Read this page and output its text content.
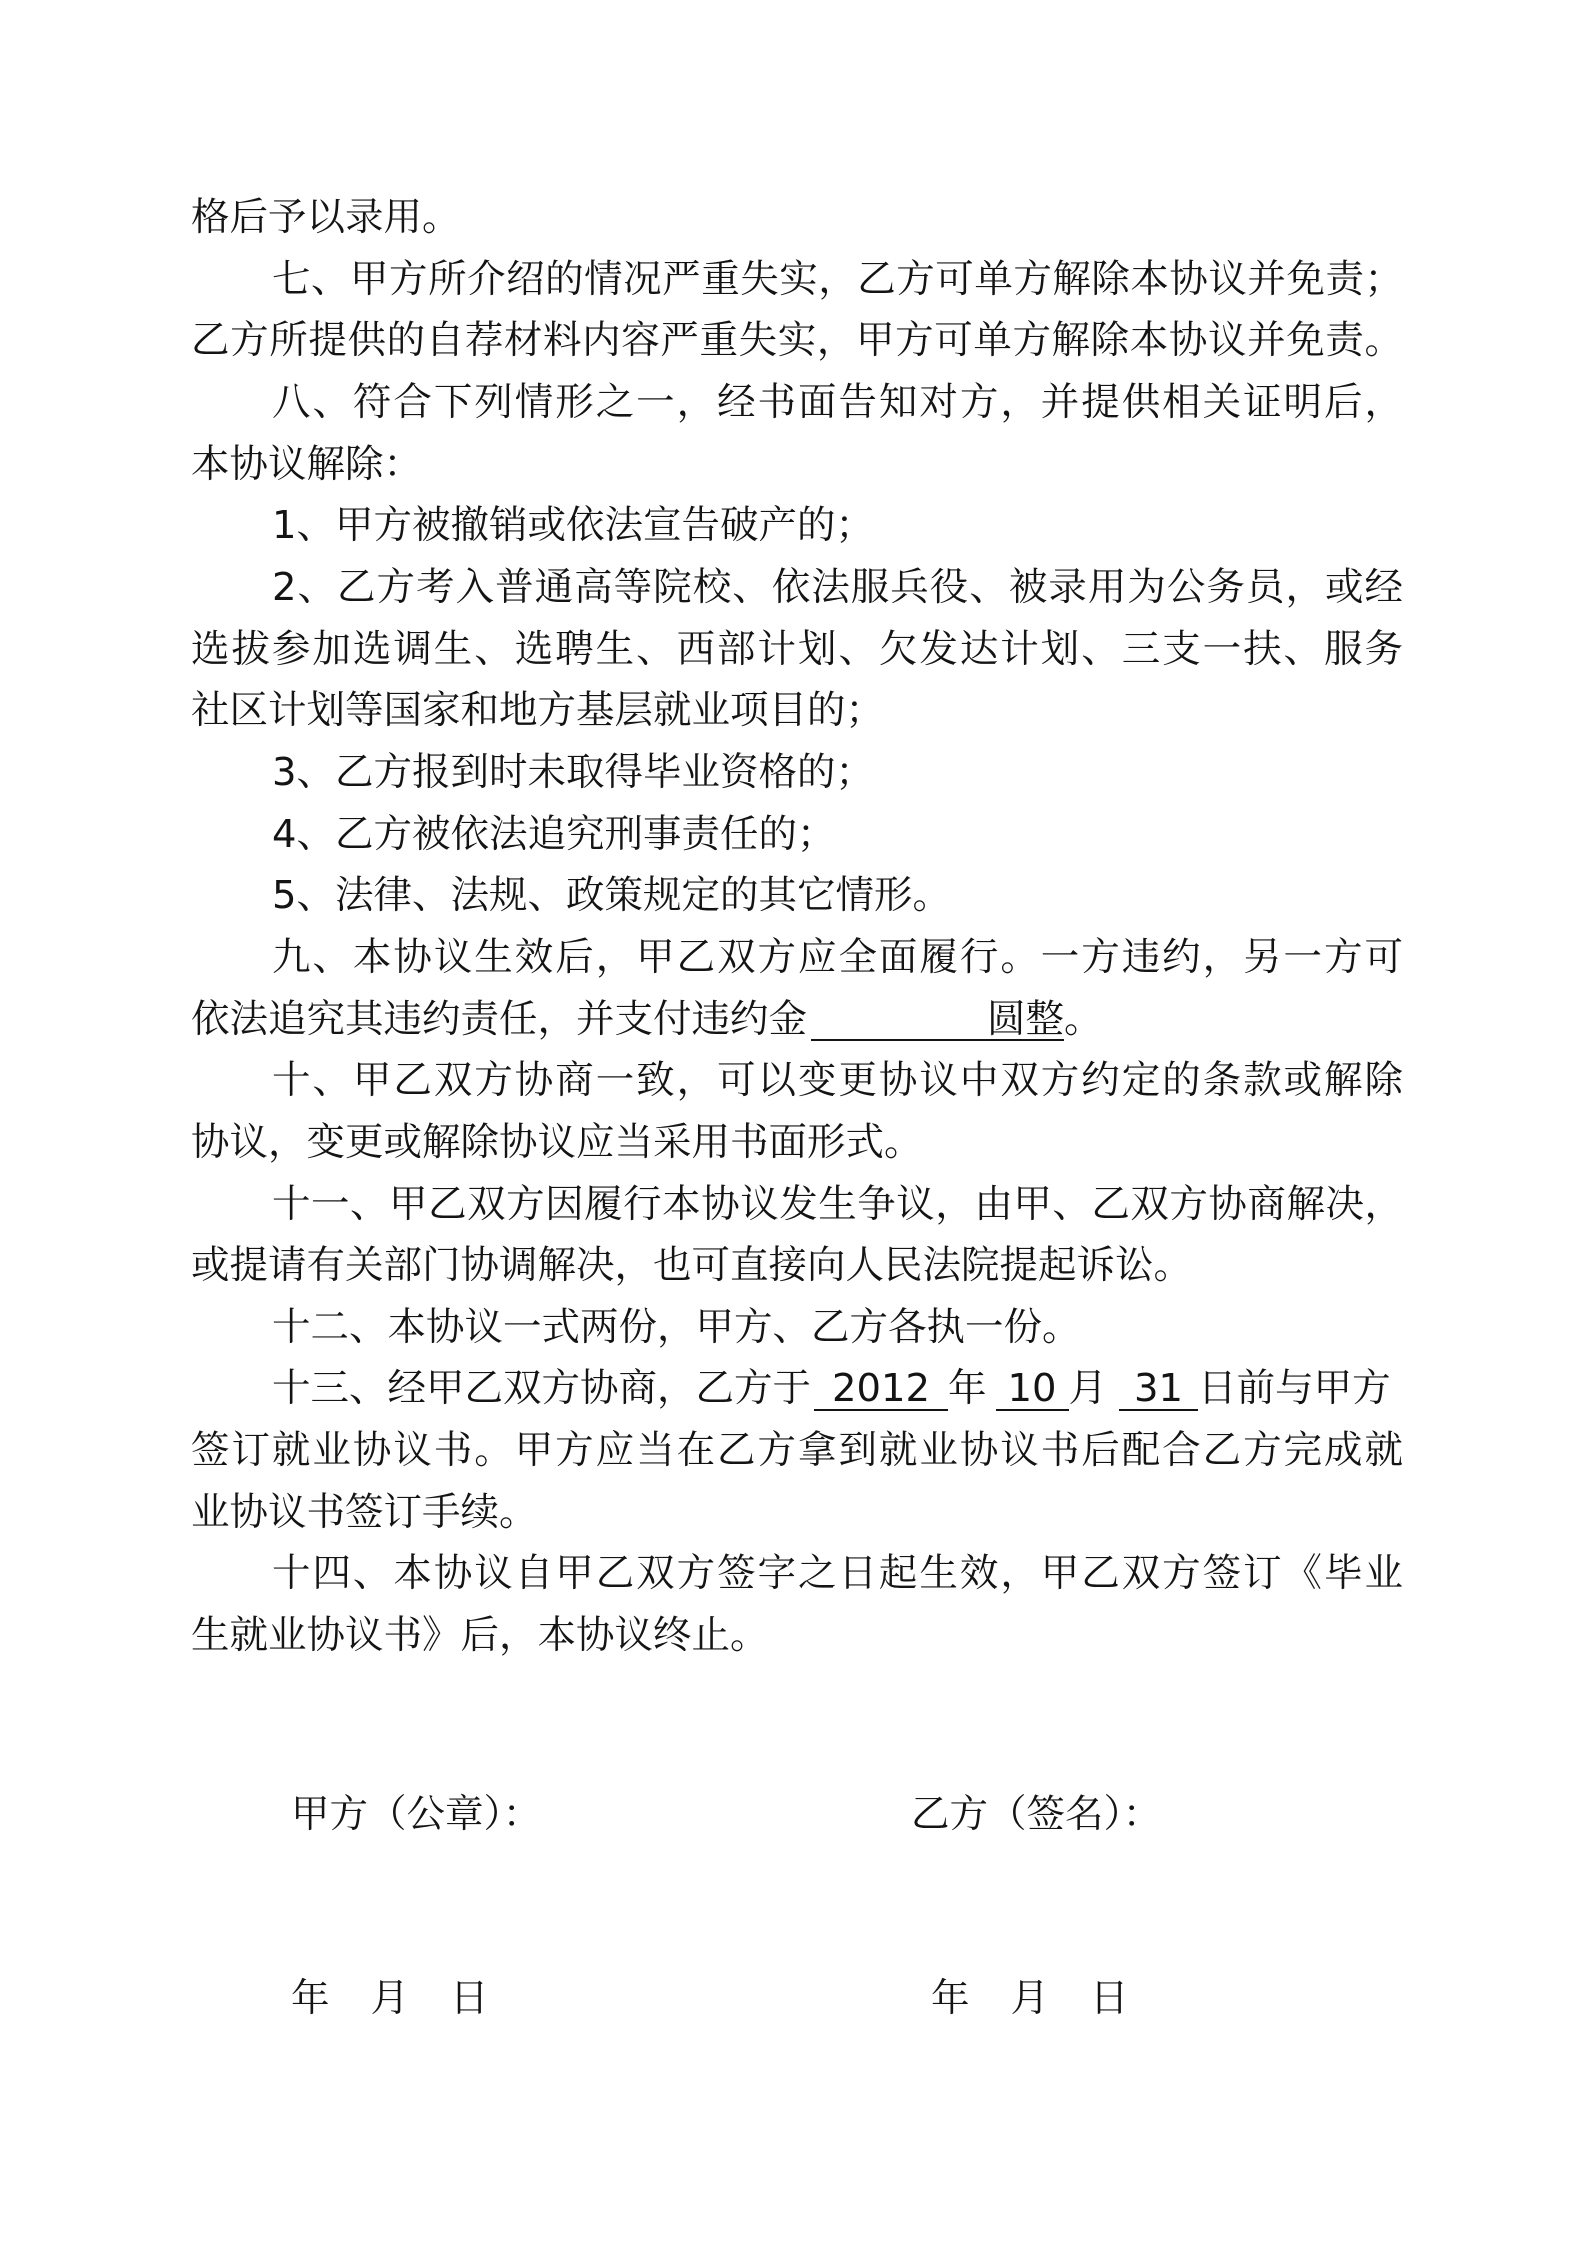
格后予以录用。
七、甲方所介绍的情况严重失实，乙方可单方解除本协议并免责；
乙方所提供的自荐材料内容严重失实，甲方可单方解除本协议并免责。
八、符合下列情形之一，经书面告知对方，并提供相关证明后，
本协议解除：
1、甲方被撤销或依法宣告破产的；
2、乙方考入普通高等院校、依法服兵役、被录用为公务员，或经
选拔参加选调生、选聘生、西部计划、欠发达计划、三支一扶、服务
社区计划等国家和地方基层就业项目的；
3、乙方报到时未取得毕业资格的；
4、乙方被依法追究刑事责任的；
5、法律、法规、政策规定的其它情形。
九、本协议生效后，甲乙双方应全面履行。一方违约，另一方可
依法追究其违约责任，并支付违约金	圆整。
十、甲乙双方协商一致，可以变更协议中双方约定的条款或解除
协议，变更或解除协议应当采用书面形式。
十一、甲乙双方因履行本协议发生争议，由甲、乙双方协商解决，
或提请有关部门协调解决，也可直接向人民法院提起诉讼。
十二、本协议一式两份，甲方、乙方各执一份。
十三、经甲乙双方协商，乙方于 2012 年 10 月 31 日前与甲方
签订就业协议书。甲方应当在乙方拿到就业协议书后配合乙方完成就
业协议书签订手续。
十四、本协议自甲乙双方签字之日起生效，甲乙双方签订《毕业
生就业协议书》后，本协议终止。
甲方（公章）：	乙方（签名）：
年 月 日	年 月 日
